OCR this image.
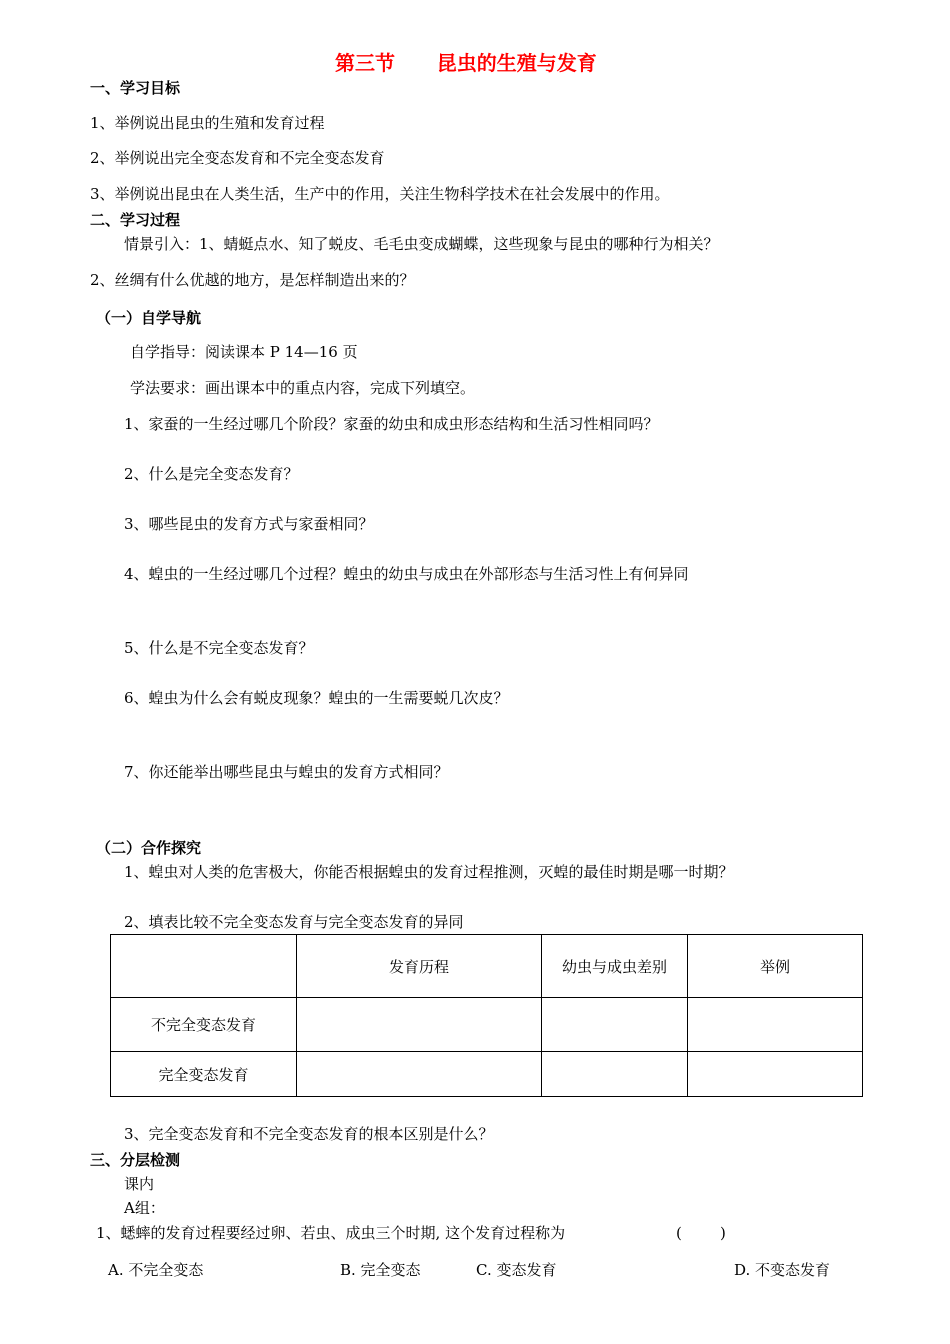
第三节      昆虫的生殖与发育
一、学习目标
1、举例说出昆虫的生殖和发育过程
2、举例说出完全变态发育和不完全变态发育
3、举例说出昆虫在人类生活，生产中的作用，关注生物科学技术在社会发展中的作用。
二、学习过程
情景引入：1、蜻蜓点水、知了蜕皮、毛毛虫变成蝴蝶，这些现象与昆虫的哪种行为相关？
2、丝绸有什么优越的地方，是怎样制造出来的？
（一）自学导航
自学指导：阅读课本 P 14—16 页
学法要求：画出课本中的重点内容，完成下列填空。
1、家蚕的一生经过哪几个阶段？家蚕的幼虫和成虫形态结构和生活习性相同吗？
2、什么是完全变态发育？
3、哪些昆虫的发育方式与家蚕相同？
4、蝗虫的一生经过哪几个过程？蝗虫的幼虫与成虫在外部形态与生活习性上有何异同
5、什么是不完全变态发育？
6、蝗虫为什么会有蜕皮现象？蝗虫的一生需要蜕几次皮？
7、你还能举出哪些昆虫与蝗虫的发育方式相同？
（二）合作探究
1、蝗虫对人类的危害极大，你能否根据蝗虫的发育过程推测，灭蝗的最佳时期是哪一时期？
2、填表比较不完全变态发育与完全变态发育的异同
	发育历程	幼虫与成虫差别	举例
不完全变态发育			
完全变态发育			
3、完全变态发育和不完全变态发育的根本区别是什么？
三、分层检测
课内
A组：
1、蟋蟀的发育过程要经过卵、若虫、成虫三个时期, 这个发育过程称为	(        )
A. 不完全变态	B. 完全变态	C. 变态发育	D. 不变态发育
